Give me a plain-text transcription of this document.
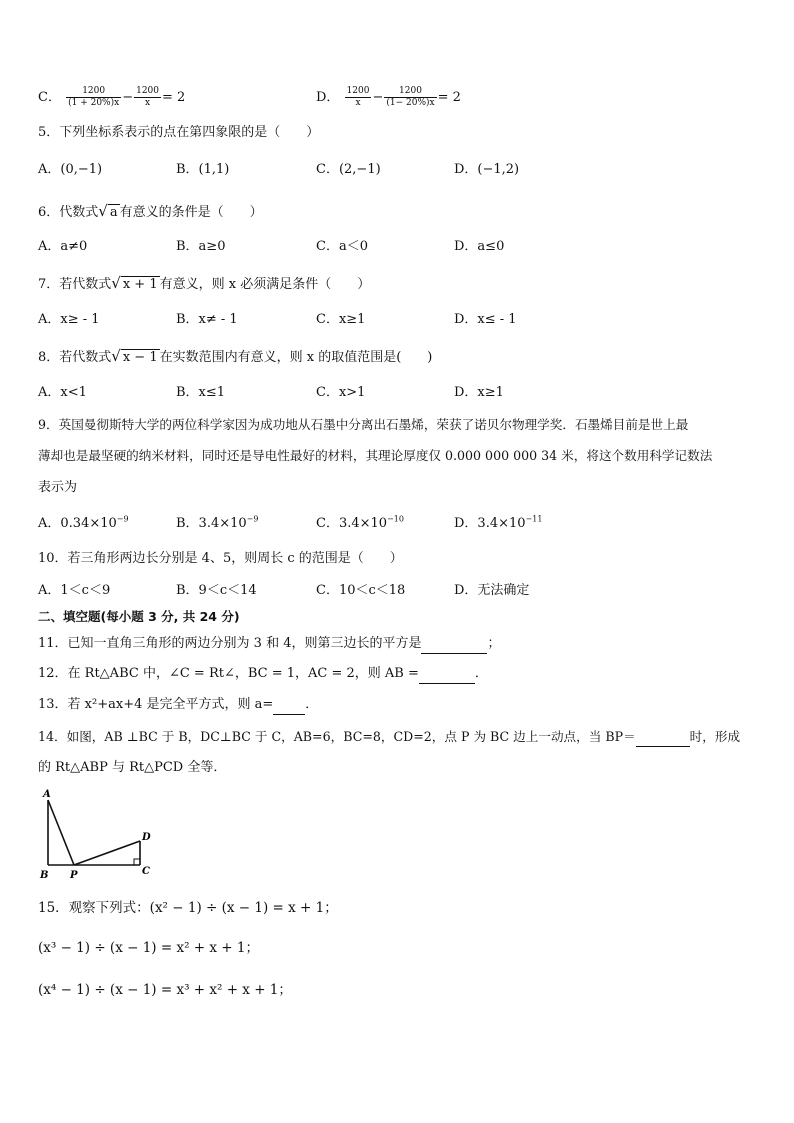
C． $\frac{1200}{(1 + 20\%)x} - \frac{1200}{x} = 2$	D． $\frac{1200}{x} - \frac{1200}{(1- 20\%)x} = 2$
5．下列坐标系表示的点在第四象限的是（　　）
A．(0,−1)	B．(1,1)	C．(2,−1)	D．(−1,2)
6．代数式√ a 有意义的条件是（　　）
A．a≠0	B．a≥0	C．a＜0	D．a≤0
7．若代数式√ x + 1 有意义，则 x 必须满足条件（　　）
A．x≥ - 1	B．x≠ - 1	C．x≥1	D．x≤ - 1
8．若代数式√ x − 1 在实数范围内有意义，则 x 的取值范围是(　　)
A．x<1	B．x≤1	C．x>1	D．x≥1
9．英国曼彻斯特大学的两位科学家因为成功地从石墨中分离出石墨烯，荣获了诺贝尔物理学奖．石墨烯目前是世上最
薄却也是最坚硬的纳米材料，同时还是导电性最好的材料，其理论厚度仅 0.000 000 000 34 米，将这个数用科学记数法
表示为
A．$0.34\times 10^{-9}$	B．$3.4\times 10^{-9}$	C．$3.4\times 10^{-10}$	D．$3.4\times 10^{-11}$
10．若三角形两边长分别是 4、5，则周长 c 的范围是（　　）
A．1＜c＜9	B．9＜c＜14	C．10＜c＜18	D．无法确定
二、填空题(每小题 3 分, 共 24 分)
11．已知一直角三角形的两边分别为 3 和 4，则第三边长的平方是	；
12．在 Rt△ABC 中，∠C = Rt∠，BC = 1，AC = 2，则 AB =	．
13．若 x²+ax+4 是完全平方式，则 a= ．
14．如图，AB ⊥BC 于 B，DC⊥BC 于 C，AB=6，BC=8，CD=2，点 P 为 BC 边上一动点，当 BP＝	时，形成
的 Rt△ABP 与 Rt△PCD 全等．
A
B P	C
D
15．观察下列式：(x² − 1) ÷ (x − 1) = x + 1；
(x³ − 1) ÷ (x − 1) = x² + x + 1；
(x⁴ − 1) ÷ (x − 1) = x³ + x² + x + 1；
